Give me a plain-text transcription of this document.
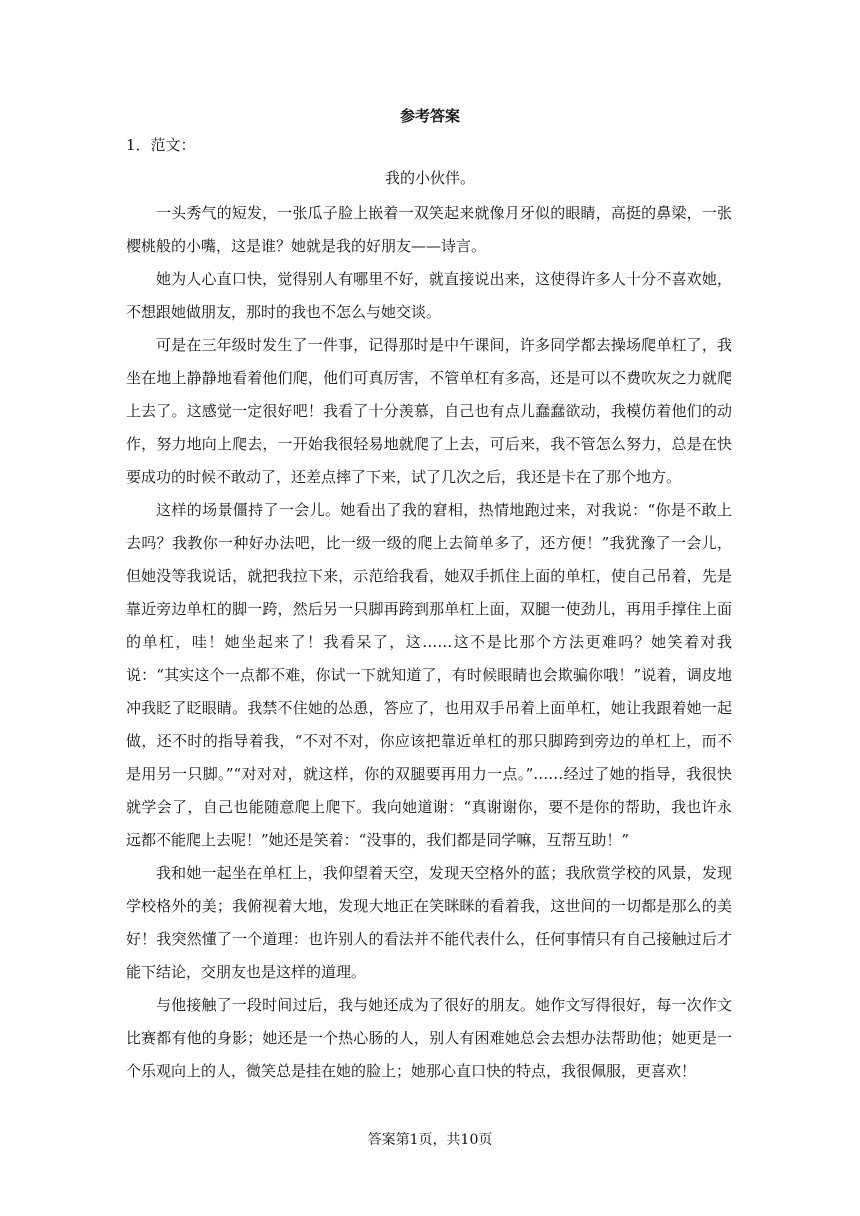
参考答案
1．范文：
我的小伙伴。

一头秀气的短发，一张瓜子脸上嵌着一双笑起来就像月牙似的眼睛，高挺的鼻梁，一张樱桃般的小嘴，这是谁？她就是我的好朋友——诗言。

她为人心直口快，觉得别人有哪里不好，就直接说出来，这使得许多人十分不喜欢她，不想跟她做朋友，那时的我也不怎么与她交谈。

可是在三年级时发生了一件事，记得那时是中午课间，许多同学都去操场爬单杠了，我坐在地上静静地看着他们爬，他们可真厉害，不管单杠有多高，还是可以不费吹灰之力就爬上去了。这感觉一定很好吧！我看了十分羡慕，自己也有点儿蠢蠢欲动，我模仿着他们的动作，努力地向上爬去，一开始我很轻易地就爬了上去，可后来，我不管怎么努力，总是在快要成功的时候不敢动了，还差点摔了下来，试了几次之后，我还是卡在了那个地方。

这样的场景僵持了一会儿。她看出了我的窘相，热情地跑过来，对我说：“你是不敢上去吗？我教你一种好办法吧，比一级一级的爬上去简单多了，还方便！”我犹豫了一会儿，但她没等我说话，就把我拉下来，示范给我看，她双手抓住上面的单杠，使自己吊着，先是靠近旁边单杠的脚一跨，然后另一只脚再跨到那单杠上面，双腿一使劲儿，再用手撑住上面的单杠，哇！她坐起来了！我看呆了，这……这不是比那个方法更难吗？她笑着对我说：“其实这个一点都不难，你试一下就知道了，有时候眼睛也会欺骗你哦！”说着，调皮地冲我眨了眨眼睛。我禁不住她的怂恿，答应了，也用双手吊着上面单杠，她让我跟着她一起做，还不时的指导着我，“不对不对，你应该把靠近单杠的那只脚跨到旁边的单杠上，而不是用另一只脚。”“对对对，就这样，你的双腿要再用力一点。”……经过了她的指导，我很快就学会了，自己也能随意爬上爬下。我向她道谢：“真谢谢你，要不是你的帮助，我也许永远都不能爬上去呢！”她还是笑着：“没事的，我们都是同学嘛，互帮互助！”

我和她一起坐在单杠上，我仰望着天空，发现天空格外的蓝；我欣赏学校的风景，发现学校格外的美；我俯视着大地，发现大地正在笑眯眯的看着我，这世间的一切都是那么的美好！我突然懂了一个道理：也许别人的看法并不能代表什么，任何事情只有自己接触过后才能下结论，交朋友也是这样的道理。

与他接触了一段时间过后，我与她还成为了很好的朋友。她作文写得很好，每一次作文比赛都有他的身影；她还是一个热心肠的人，别人有困难她总会去想办法帮助他；她更是一个乐观向上的人，微笑总是挂在她的脸上；她那心直口快的特点，我很佩服，更喜欢！

答案第1页，共10页
